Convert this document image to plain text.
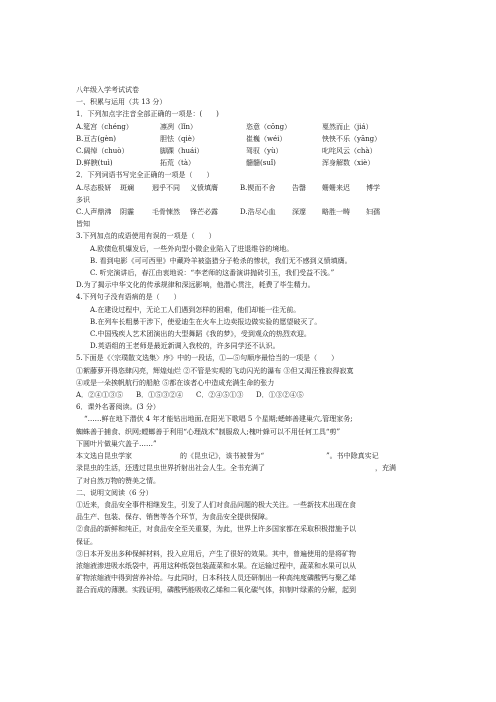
八年级入学考试试卷
一、积累与运用（共 13 分）
1．下列加点字注音全部正确的一项是：(　　)
A.筵宫（chéng）	凛冽（lǐn）	恣意（cōng）	戛然而止（jiá）
B.亘古(gèn)	胆怯（qiè）	崔巍（wéi）	怏怏不乐（yāng）
C.阔绰（chuò）	脚踝（huái）	驾驭（yù）	叱咤风云（chà）
D.鲜腴(tuì)	拓荒（tà）	髓髓(suǐ)	浑身解数（xiè）
2．下列词语书写完全正确的一项是（　　）
A.尽态极妍	斑斓	迥乎不同	义愤填膺	B.锲而不舍	告罄	姗姗来迟	博学
多识
C.人声鼎沸	阴霾	毛骨悚然	锋芒必露	D.浩尽心血	深邃	略胜一畴	妇孺
皆知
3.下列加点的成语使用有误的一项是（　　）
A.欧债危机爆发后，一些外向型小微企业陷入了进退维谷的境地。
B. 看到电影《可可西里》中藏羚羊被盗猎分子枪杀的惨状，我们无不感到义愤填膺。
C. 听完演讲后，春江由衷地说：“李老师的这番演讲抛砖引玉，我们受益不浅。”
D.为了揭示中华文化的传承规律和深远影响，他潜心贯注，耗费了毕生精力。
4.下列句子没有语病的是（　　）
A.在建设过程中，无论工人们遇到怎样的困难，他们却能一往无前。
B.在列车长粗暴干涉下，使爱迪生在火车上边卖报边做实验的愿望破灭了。
C.中国残疾人艺术团演出的大型舞蹈《我的梦》，受到观众的热烈欢迎。
D.英语组的王老师是最近新调入我校的，许多同学还不认识。
5.下面是《〈宗璞散文选集〉序》中的一段话，①—⑤句顺序最恰当的一项是（　　）
①絮藤萝开得恣肆闪亮，辉煌灿烂 ②不管是实观的飞动闪光的瀑布 ③但又渴汪雅寂得寂寞
④或是一朵挨帆航行的船舱 ⑤都在该者心中造成充满生命的张力
A．②④①③⑤	B．①⑤③②④	C．②④⑤①③	D．①③②④⑤
6．课外名著阅读。(3 分）
“……鲜在地下潜伏 4 年才能钻出地面,在阳光下歌唱 5 个星期;蟋蟀善建巢穴,管理家务;
蜘蛛善于捕食、织网;螳螂善于利用“心理战术”制服敌人;槐叶蜂可以不用任何工具“剪”
下圆叶片做巢穴盖子……”
本文选自昆虫学家	的《昆虫记》，该书被誉为“	”。书中除真实记
录昆虫的生活，还透过昆虫世界折射出社会人生。全书充满了	，充满
了对自然万物的赞美之情。
二、说明文阅读（6 分）
①近来，食品安全事件相继发生，引发了人们对食品问题的极大关注。一些新技术出现在食
品生产、包装、保存、销售等各个环节，为食品安全提供保障。
②食品的新鲜和纯正，对食品安全至关重要，为此，世界上许多国家都在采取积极措施予以
保证。
③日本开发出多种保鲜材料，投入应用后，产生了很好的效果。其中，曾遍使用的是将矿物
浓缩液渗进吸水纸袋中，再用这种纸袋包装蔬菜和水果。在运输过程中，蔬菜和水果可以从
矿物浓缩液中得到营养补给。与此同时，日本科技人员还研制出一种高纯度磷酸钙与聚乙烯
混合而成的薄膜。实践证明，磷酸钙能吸收乙烯和二氧化碳气体，抑制叶绿素的分解，起到
